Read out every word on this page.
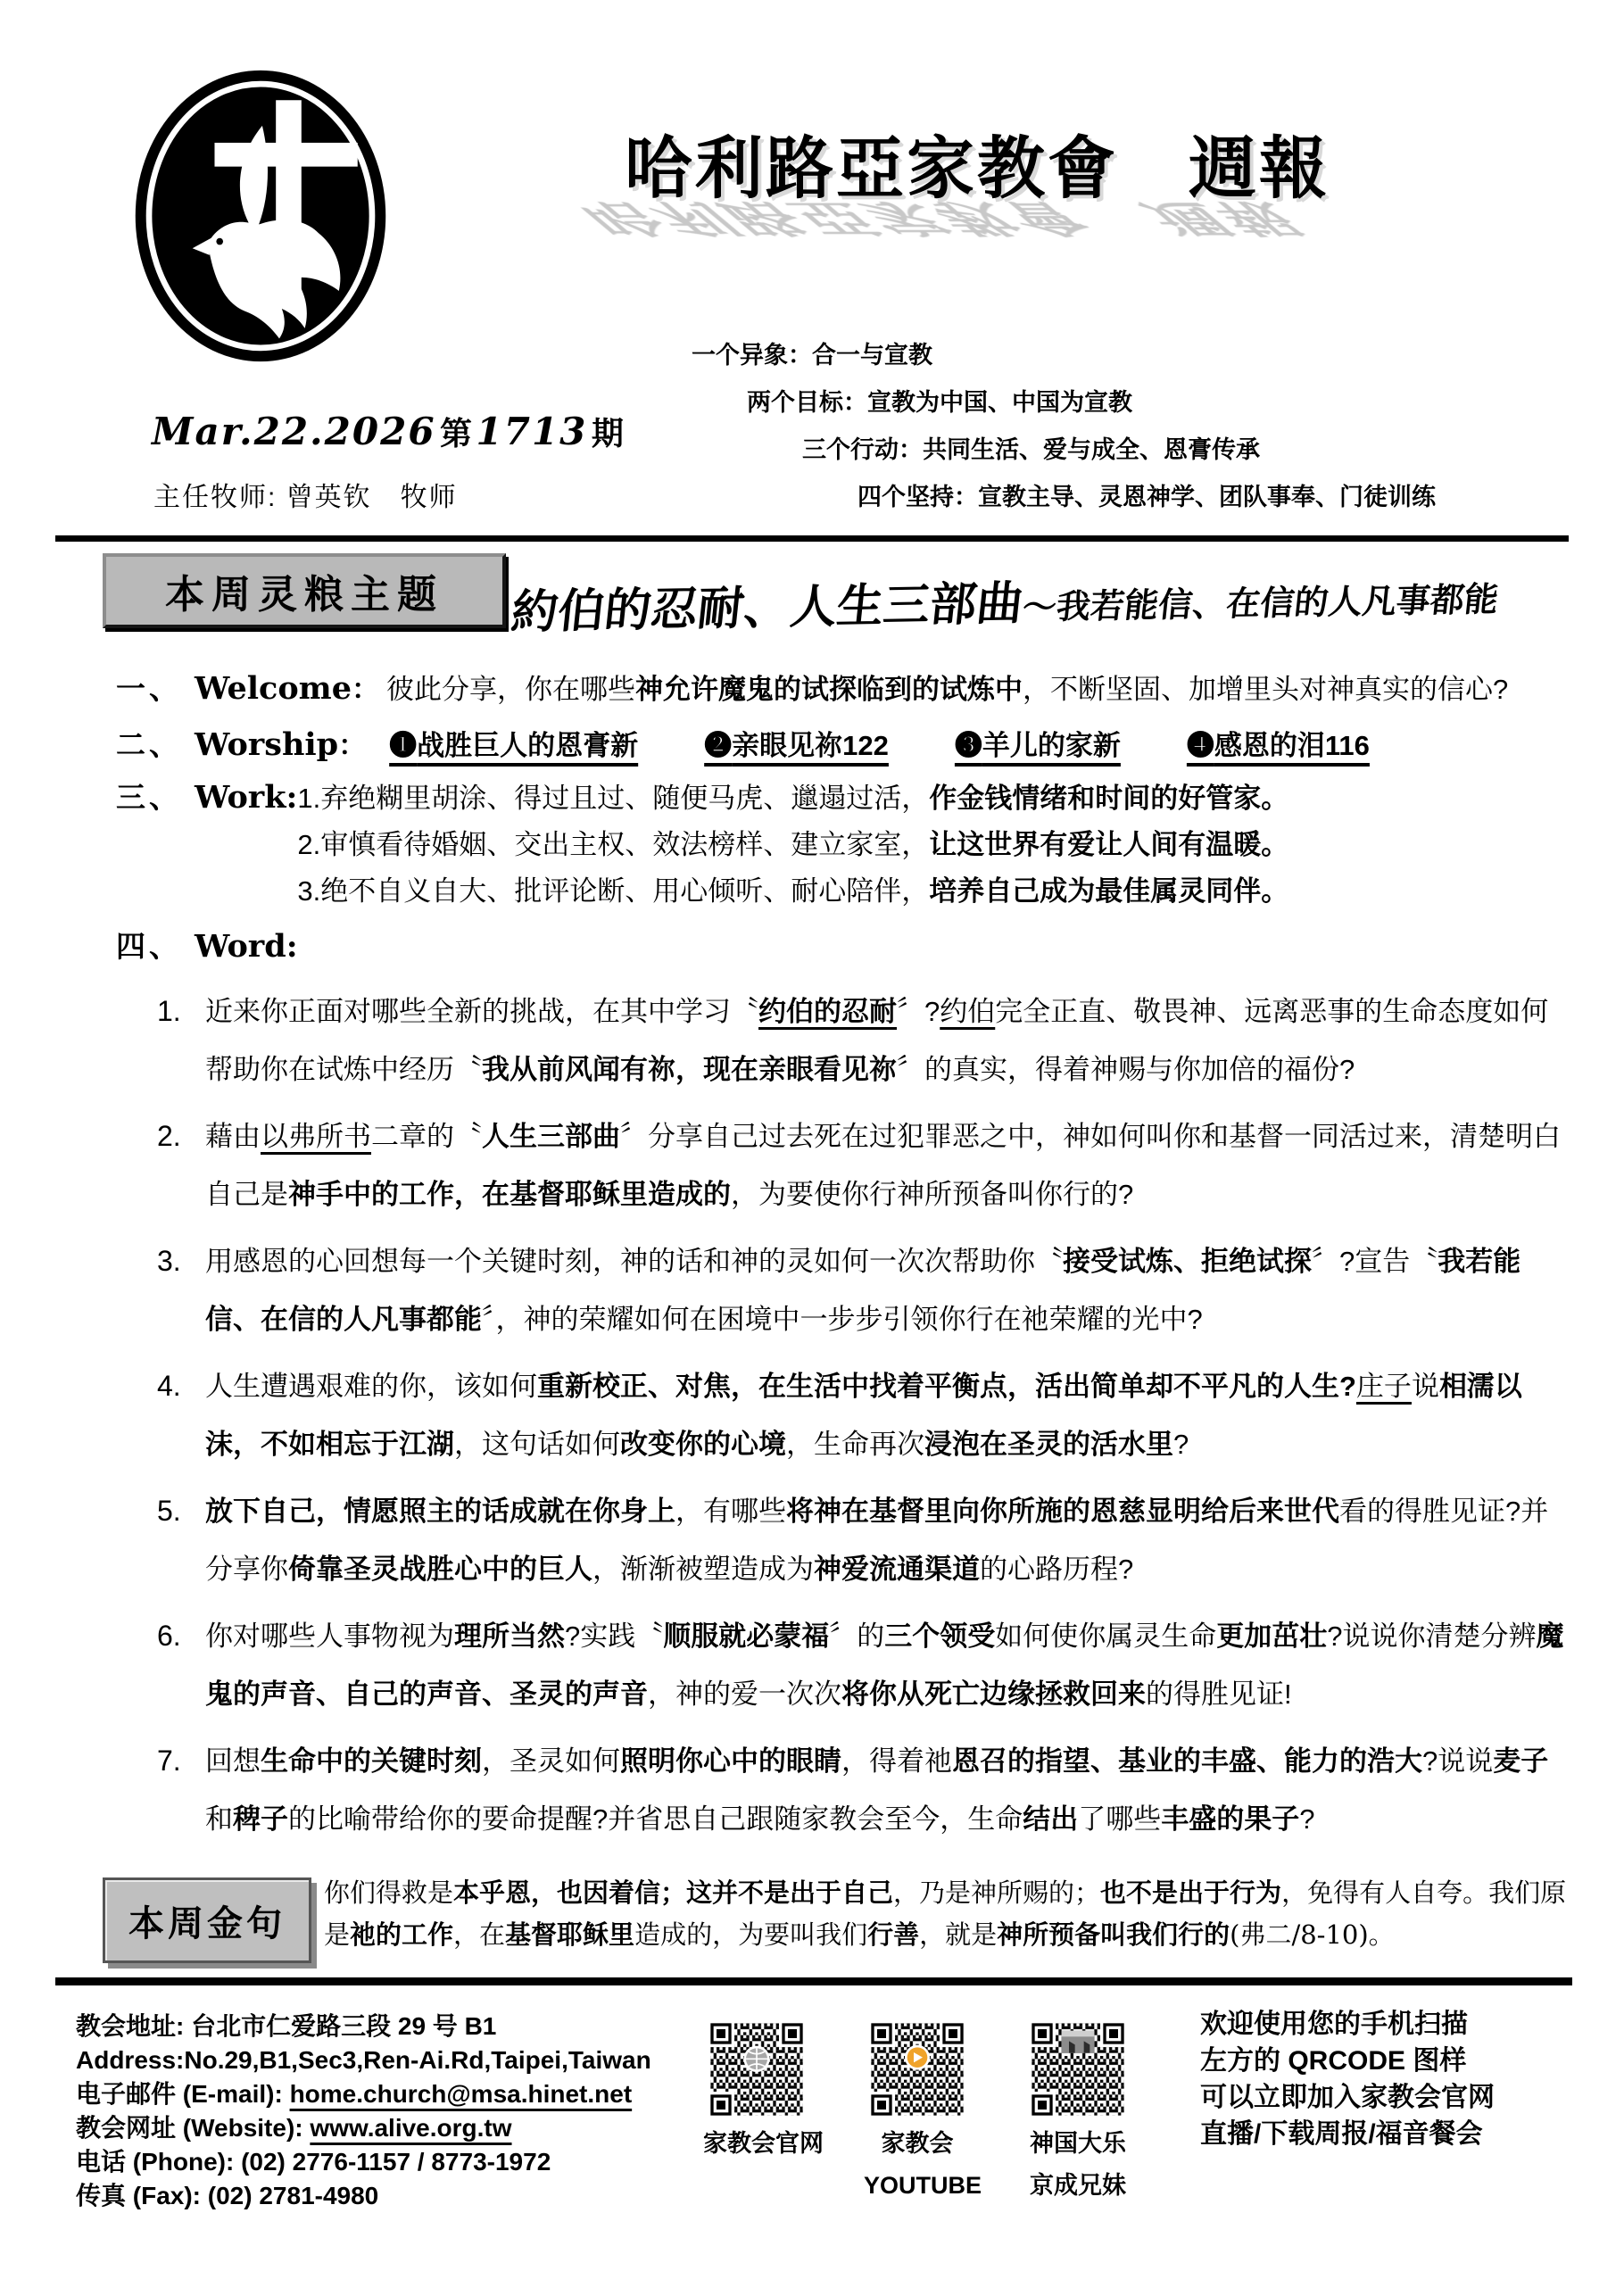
哈利路亞家教會　週報
哈利路亞家教會　週報
一个异象：合一与宣教
两个目标：宣教为中国、中国为宣教
三个行动：共同生活、爱与成全、恩膏传承
四个坚持：宣教主导、灵恩神学、团队事奉、门徒训练
Mar.22.2026 第 1713 期
主任牧师: 曾英钦　牧师
本周灵粮主题 約伯的忍耐、人生三部曲～我若能信、在信的人凡事都能
一、 Welcome ： 彼此分享，你在哪些神允许魔鬼的试探临到的试炼中，不断坚固、加增里头对神真实的信心?
二、 Worship ： ❶战胜巨人的恩膏新 ❷亲眼见祢122 ❸羊儿的家新 ❹感恩的泪116
三、 Work: 1.弃绝糊里胡涂、得过且过、随便马虎、邋遢过活，作金钱情绪和时间的好管家。
2.审慎看待婚姻、交出主权、效法榜样、建立家室，让这世界有爱让人间有温暖。
3.绝不自义自大、批评论断、用心倾听、耐心陪伴，培养自己成为最佳属灵同伴。
四、 Word:
1. 近来你正面对哪些全新的挑战，在其中学习〝约伯的忍耐〞?约伯完全正直、敬畏神、远离恶事的生命态度如何帮助你在试炼中经历〝我从前风闻有祢，现在亲眼看见祢〞的真实，得着神赐与你加倍的福份?
2. 藉由以弗所书二章的〝人生三部曲〞分享自己过去死在过犯罪恶之中，神如何叫你和基督一同活过来，清楚明白自己是神手中的工作，在基督耶稣里造成的，为要使你行神所预备叫你行的?
3. 用感恩的心回想每一个关键时刻，神的话和神的灵如何一次次帮助你〝接受试炼、拒绝试探〞?宣告〝我若能信、在信的人凡事都能〞，神的荣耀如何在困境中一步步引领你行在祂荣耀的光中?
4. 人生遭遇艰难的你，该如何重新校正、对焦，在生活中找着平衡点，活出简单却不平凡的人生?庄子说相濡以沫，不如相忘于江湖，这句话如何改变你的心境，生命再次浸泡在圣灵的活水里?
5. 放下自己，情愿照主的话成就在你身上，有哪些将神在基督里向你所施的恩慈显明给后来世代看的得胜见证?并分享你倚靠圣灵战胜心中的巨人，渐渐被塑造成为神爱流通渠道的心路历程?
6. 你对哪些人事物视为理所当然?实践〝顺服就必蒙福〞的三个领受如何使你属灵生命更加茁壮?说说你清楚分辨魔鬼的声音、自己的声音、圣灵的声音，神的爱一次次将你从死亡边缘拯救回来的得胜见证!
7. 回想生命中的关键时刻，圣灵如何照明你心中的眼睛，得着祂恩召的指望、基业的丰盛、能力的浩大?说说麦子和稗子的比喻带给你的要命提醒?并省思自己跟随家教会至今，生命结出了哪些丰盛的果子?
本周金句
你们得救是本乎恩，也因着信；这并不是出于自己，乃是神所赐的；也不是出于行为，免得有人自夸。我们原是祂的工作，在基督耶稣里造成的，为要叫我们行善，就是神所预备叫我们行的(弗二/8-10)。
教会地址: 台北市仁爱路三段 29 号 B1
Address:No.29,B1,Sec3,Ren-Ai.Rd,Taipei,Taiwan
电子邮件 (E-mail): home.church@msa.hinet.net
教会网址 (Website): www.alive.org.tw
电话 (Phone): (02) 2776-1157 / 8773-1972
传真 (Fax): (02) 2781-4980
家教会官网	家教会
YOUTUBE
神国大乐
京成兄妹
欢迎使用您的手机扫描
左方的 QRCODE 图样
可以立即加入家教会官网
直播/下载周报/福音餐会
